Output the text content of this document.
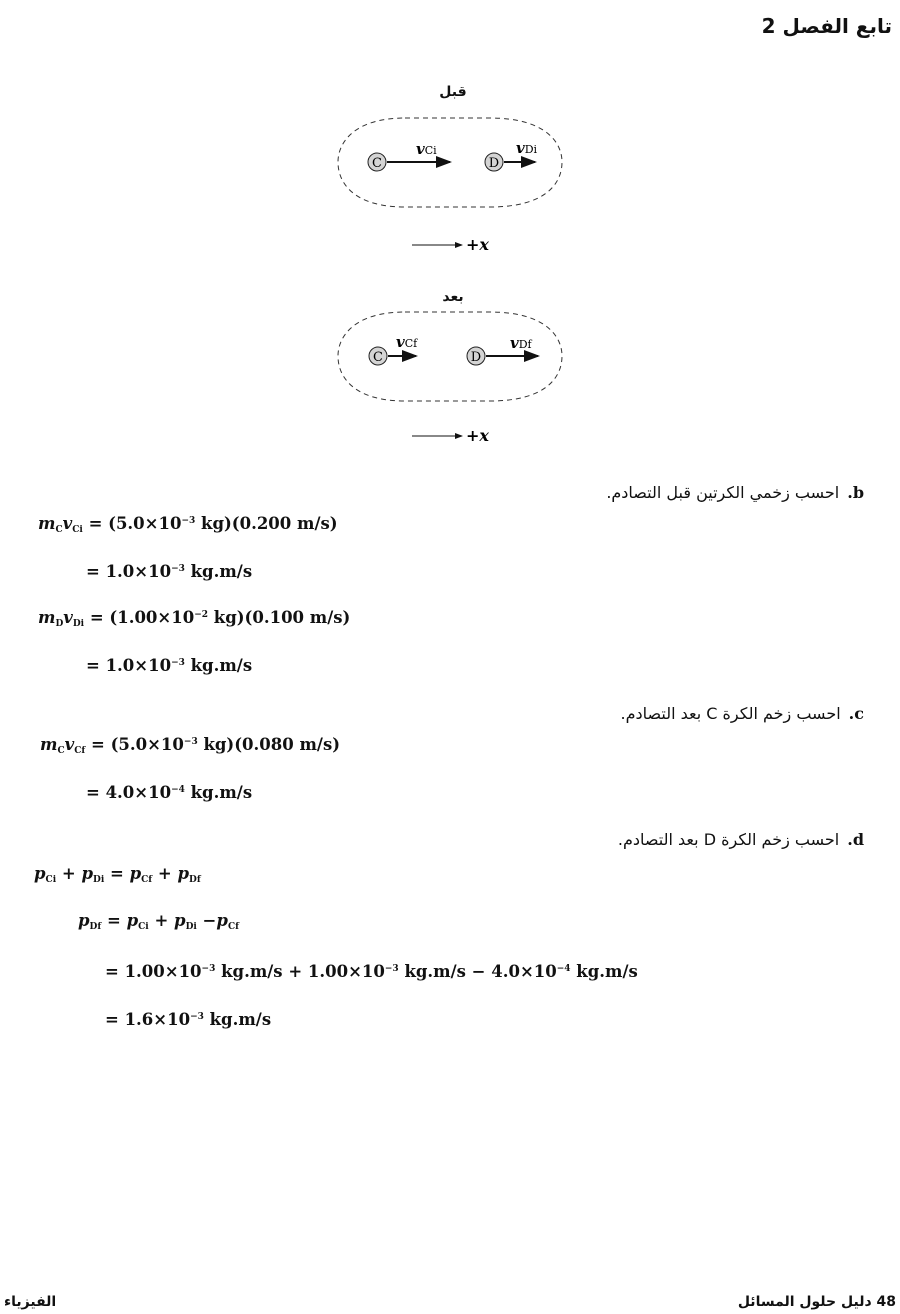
تابع الفصل 2
قبل
C
vCi
D
vDi
+x
بعد
C
vCf
D
vDf
+x
b.احسب زخمي الكرتين قبل التصادم.
$m_Cv_{Ci} = (5.0\times 10^{-3}$ kg)(0.200 m/s)
= $1.0\times 10^{-3}$ kg.m/s
$m_Dv_{Di} = (1.00\times 10^{-2}$ kg)(0.100 m/s)
= $1.0\times 10^{-3}$ kg.m/s
c.احسب زخم الكرة C بعد التصادم.
$m_Cv_{Cf} = (5.0\times 10^{-3}$ kg)(0.080 m/s)
= $4.0\times 10^{-4}$ kg.m/s
d.احسب زخم الكرة D بعد التصادم.
$p_{Ci} + p_{Di} = p_{Cf} + p_{Df}$
$p_{Df} = p_{Ci} + p_{Di} -p_{Cf}$
= $1.00\times 10^{-3}$ $kg.m/s + 1.00\times 10^{-3}$ $kg.m/s - 4.0\times 10^{-4}$ kg.m/s
= $1.6\times 10^{-3}$ kg.m/s
الفيزياء	48 دليل حلول المسائل
